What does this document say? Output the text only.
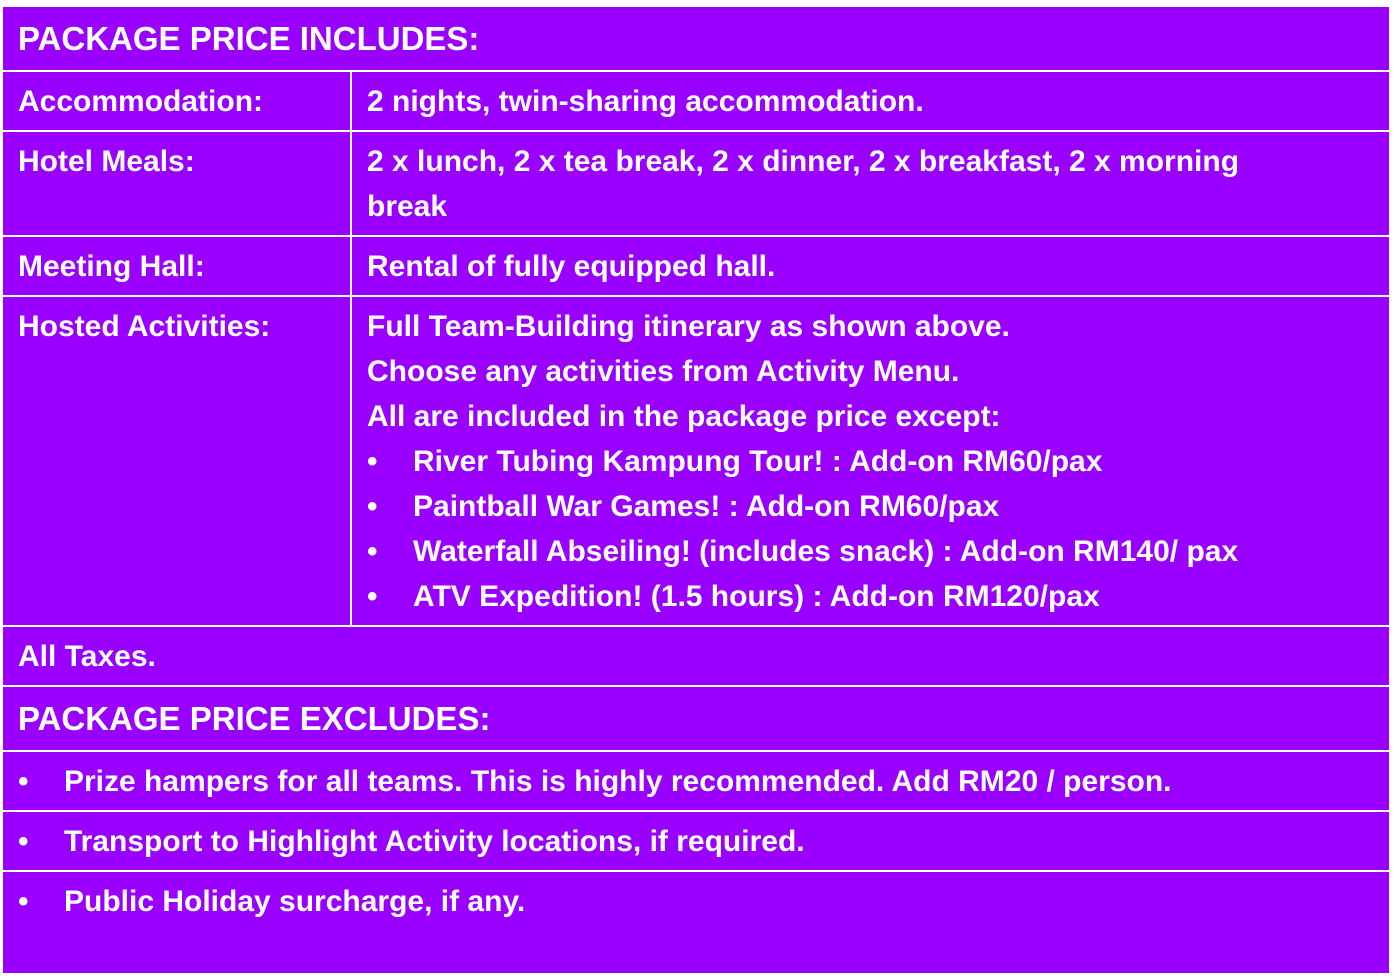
PACKAGE PRICE INCLUDES:
Accommodation:	2 nights, twin-sharing accommodation.
Hotel Meals:	2 x lunch, 2 x tea break, 2 x dinner, 2 x breakfast, 2 x morning
break
Meeting Hall:	Rental of fully equipped hall.
Hosted Activities:	Full Team-Building itinerary as shown above.
Choose any activities from Activity Menu.
All are included in the package price except:
• River Tubing Kampung Tour! : Add-on RM60/pax
• Paintball War Games! : Add-on RM60/pax
• Waterfall Abseiling! (includes snack) : Add-on RM140/ pax
• ATV Expedition! (1.5 hours) : Add-on RM120/pax
All Taxes.
PACKAGE PRICE EXCLUDES:
• Prize hampers for all teams. This is highly recommended. Add RM20 / person.
• Transport to Highlight Activity locations, if required.
• Public Holiday surcharge, if any.
